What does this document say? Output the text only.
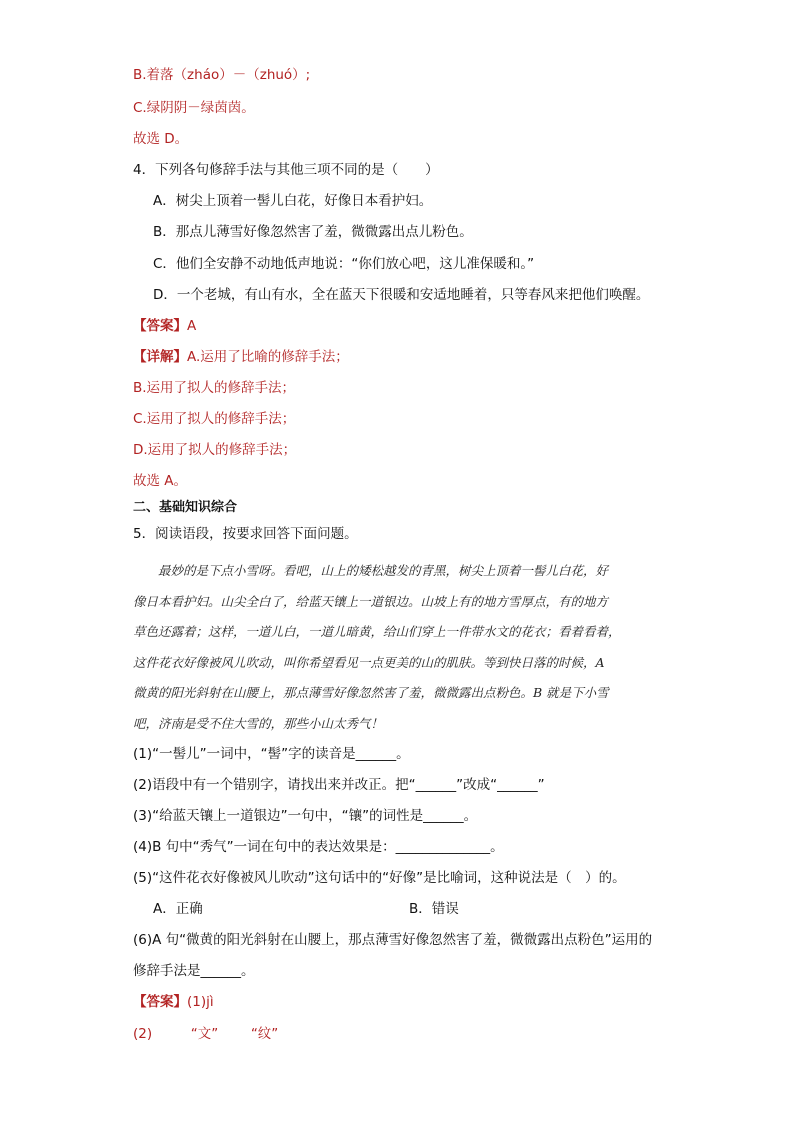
B.着落（zháo）－（zhuó）;
C.绿阴阴－绿茵茵。
故选 D。
4．下列各句修辞手法与其他三项不同的是（　　）
A．树尖上顶着一髻儿白花，好像日本看护妇。
B．那点儿薄雪好像忽然害了羞，微微露出点儿粉色。
C．他们全安静不动地低声地说：“你们放心吧，这儿准保暖和。”
D．一个老城，有山有水，全在蓝天下很暖和安适地睡着，只等春风来把他们唤醒。
【答案】A
【详解】A.运用了比喻的修辞手法；
B.运用了拟人的修辞手法；
C.运用了拟人的修辞手法；
D.运用了拟人的修辞手法；
故选 A。
二、基础知识综合
5．阅读语段，按要求回答下面问题。
　　最妙的是下点小雪呀。看吧，山上的矮松越发的青黑，树尖上顶着一髻儿白花，好
像日本看护妇。山尖全白了，给蓝天镶上一道银边。山坡上有的地方雪厚点，有的地方
草色还露着；这样，一道儿白，一道儿暗黄，给山们穿上一件带水文的花衣；看着看着，
这件花衣好像被风儿吹动，叫你希望看见一点更美的山的肌肤。等到快日落的时候，A
微黄的阳光斜射在山腰上，那点薄雪好像忽然害了羞，微微露出点粉色。B 就是下小雪
吧，济南是受不住大雪的，那些小山太秀气！
(1)“一髻儿”一词中，“髻”字的读音是______。
(2)语段中有一个错别字，请找出来并改正。把“______”改成“______”
(3)“给蓝天镶上一道银边”一句中，“镶”的词性是______。
(4)B 句中“秀气”一词在句中的表达效果是：______________。
(5)“这件花衣好像被风儿吹动”这句话中的“好像”是比喻词，这种说法是（　）的。
A．正确	B．错误
(6)A 句“微黄的阳光斜射在山腰上，那点薄雪好像忽然害了羞，微微露出点粉色”运用的
修辞手法是______。
【答案】(1)jì
(2)	“文” “纹”
